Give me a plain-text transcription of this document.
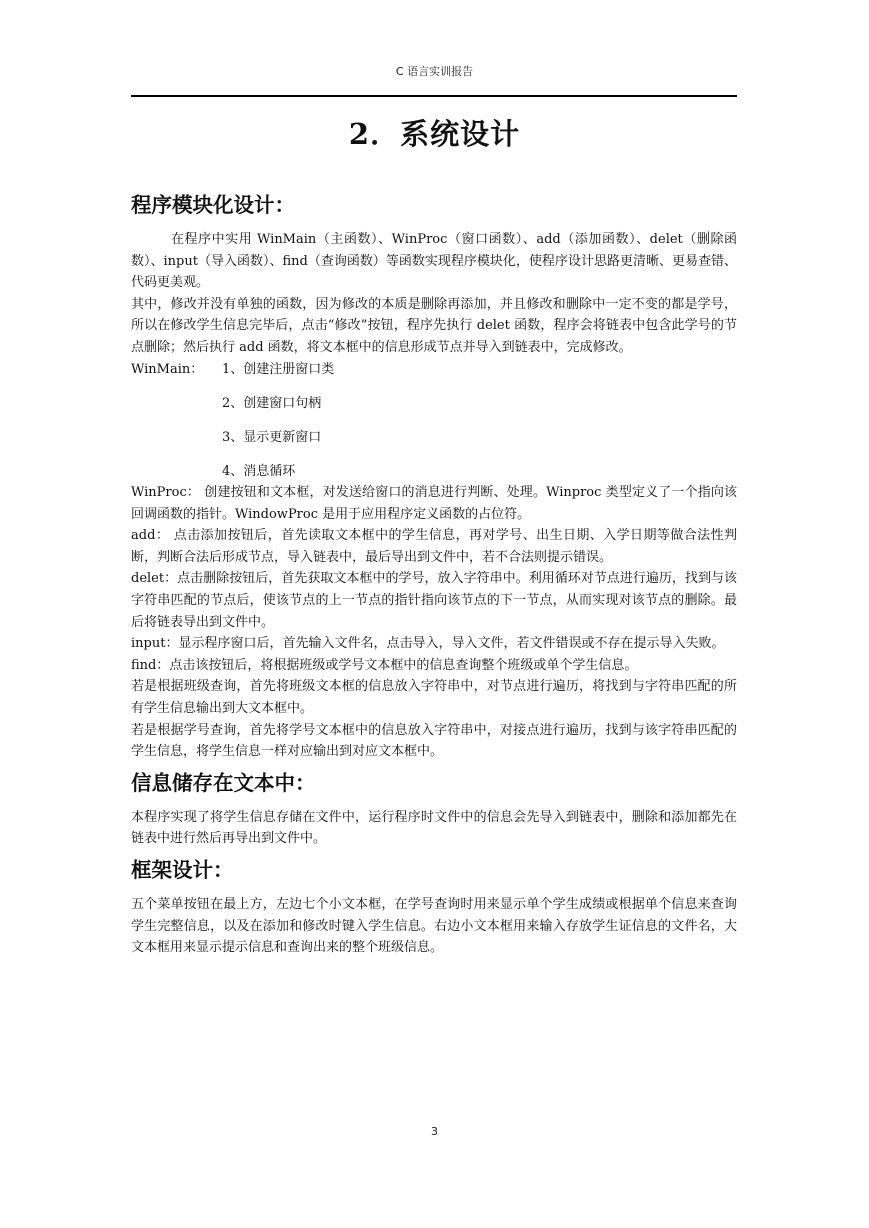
C 语言实训报告
2．系统设计
程序模块化设计：

在程序中实用 WinMain（主函数）、WinProc（窗口函数）、add（添加函数）、delet（删除函数）、input（导入函数）、find（查询函数）等函数实现程序模块化，使程序设计思路更清晰、更易查错、代码更美观。

其中，修改并没有单独的函数，因为修改的本质是删除再添加，并且修改和删除中一定不变的都是学号，所以在修改学生信息完毕后，点击“修改”按钮，程序先执行 delet 函数，程序会将链表中包含此学号的节点删除；然后执行 add 函数，将文本框中的信息形成节点并导入到链表中，完成修改。

WinMain：	1、创建注册窗口类
2、创建窗口句柄
3、显示更新窗口
4、消息循环

WinProc： 创建按钮和文本框，对发送给窗口的消息进行判断、处理。Winproc 类型定义了一个指向该回调函数的指针。WindowProc 是用于应用程序定义函数的占位符。

add： 点击添加按钮后，首先读取文本框中的学生信息，再对学号、出生日期、入学日期等做合法性判断，判断合法后形成节点，导入链表中，最后导出到文件中，若不合法则提示错误。

delet：点击删除按钮后，首先获取文本框中的学号，放入字符串中。利用循环对节点进行遍历，找到与该字符串匹配的节点后，使该节点的上一节点的指针指向该节点的下一节点，从而实现对该节点的删除。最后将链表导出到文件中。

input：显示程序窗口后，首先输入文件名，点击导入，导入文件，若文件错误或不存在提示导入失败。

find：点击该按钮后，将根据班级或学号文本框中的信息查询整个班级或单个学生信息。

若是根据班级查询，首先将班级文本框的信息放入字符串中，对节点进行遍历，将找到与字符串匹配的所有学生信息输出到大文本框中。

若是根据学号查询，首先将学号文本框中的信息放入字符串中，对接点进行遍历，找到与该字符串匹配的学生信息，将学生信息一样对应输出到对应文本框中。

信息储存在文本中：

本程序实现了将学生信息存储在文件中，运行程序时文件中的信息会先导入到链表中，删除和添加都先在链表中进行然后再导出到文件中。

框架设计：

五个菜单按钮在最上方，左边七个小文本框，在学号查询时用来显示单个学生成绩或根据单个信息来查询学生完整信息，以及在添加和修改时键入学生信息。右边小文本框用来输入存放学生证信息的文件名，大文本框用来显示提示信息和查询出来的整个班级信息。

3
